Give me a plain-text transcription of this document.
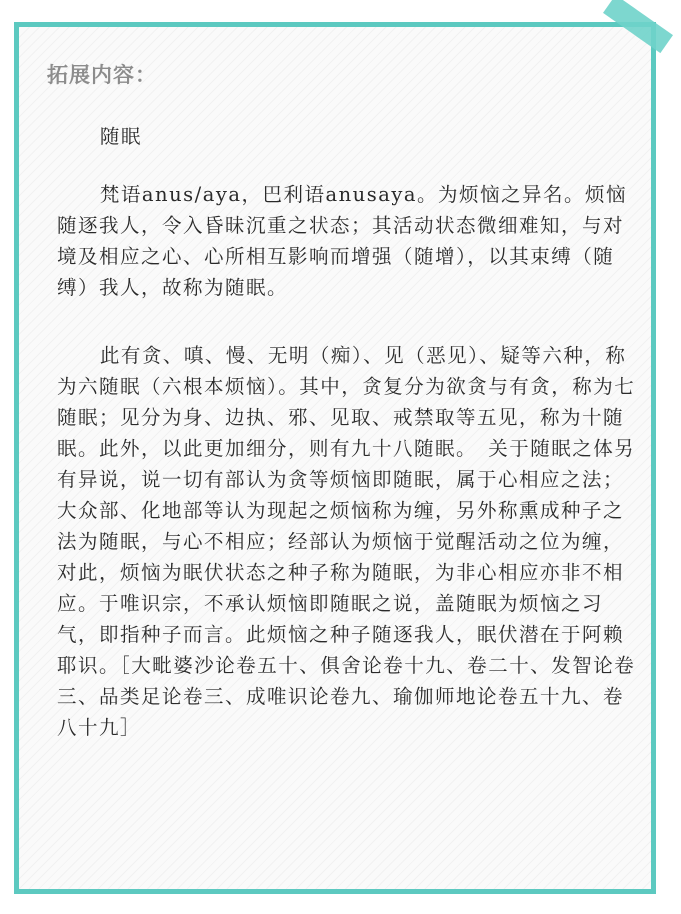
拓展内容：

随眠

梵语anus/aya，巴利语anusaya。为烦恼之异名。烦恼随逐我人，令入昏昧沉重之状态；其活动状态微细难知，与对境及相应之心、心所相互影响而增强（随增），以其束缚（随缚）我人，故称为随眠。

此有贪、嗔、慢、无明（痴）、见（恶见）、疑等六种，称为六随眠（六根本烦恼）。其中，贪复分为欲贪与有贪，称为七随眠；见分为身、边执、邪、见取、戒禁取等五见，称为十随眠。此外，以此更加细分，则有九十八随眠。　关于随眠之体另有异说，说一切有部认为贪等烦恼即随眠，属于心相应之法；大众部、化地部等认为现起之烦恼称为缠，另外称熏成种子之法为随眠，与心不相应；经部认为烦恼于觉醒活动之位为缠，对此，烦恼为眠伏状态之种子称为随眠，为非心相应亦非不相应。于唯识宗，不承认烦恼即随眠之说，盖随眠为烦恼之习气，即指种子而言。此烦恼之种子随逐我人，眠伏潜在于阿赖耶识。［大毗婆沙论卷五十、俱舍论卷十九、卷二十、发智论卷三、品类足论卷三、成唯识论卷九、瑜伽师地论卷五十九、卷八十九］
